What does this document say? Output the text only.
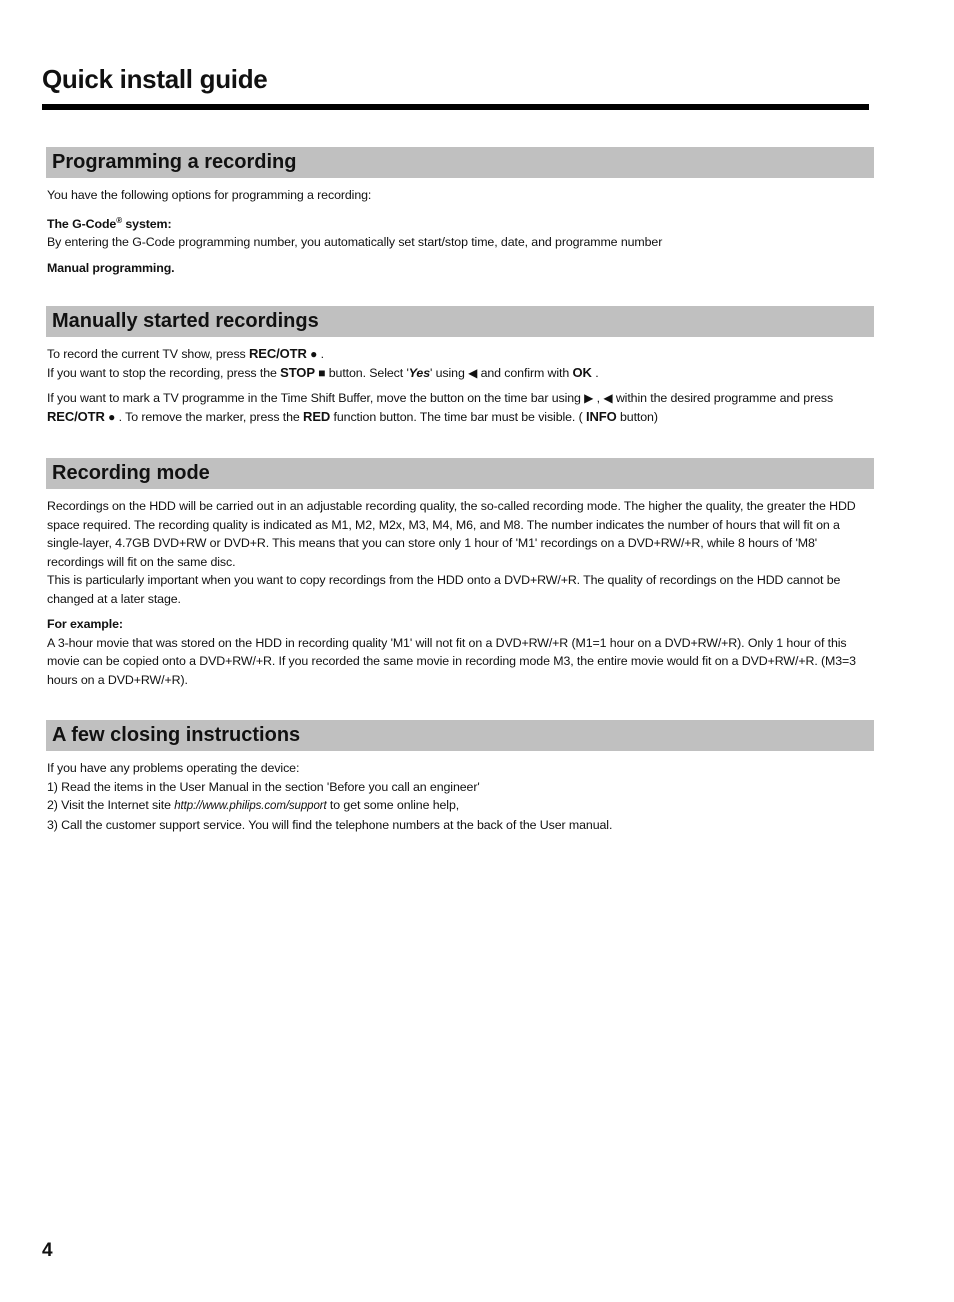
Quick install guide
Programming a recording

You have the following options for programming a recording:

The G-Code® system:

By entering the G-Code programming number, you automatically set start/stop time, date, and programme number

Manual programming.

Manually started recordings

To record the current TV show, press REC/OTR ● .

If you want to stop the recording, press the STOP ■ button. Select 'Yes' using ◀ and confirm with OK .

If you want to mark a TV programme in the Time Shift Buffer, move the button on the time bar using ▶ , ◀ within the desired programme and press REC/OTR ● . To remove the marker, press the RED function button. The time bar must be visible. ( INFO button)

Recording mode

Recordings on the HDD will be carried out in an adjustable recording quality, the so-called recording mode. The higher the quality, the greater the HDD space required. The recording quality is indicated as M1, M2, M2x, M3, M4, M6, and M8. The number indicates the number of hours that will fit on a single-layer, 4.7GB DVD+RW or DVD+R. This means that you can store only 1 hour of 'M1' recordings on a DVD+RW/+R, while 8 hours of 'M8' recordings will fit on the same disc.

This is particularly important when you want to copy recordings from the HDD onto a DVD+RW/+R. The quality of recordings on the HDD cannot be changed at a later stage.

For example:

A 3-hour movie that was stored on the HDD in recording quality 'M1' will not fit on a DVD+RW/+R (M1=1 hour on a DVD+RW/+R). Only 1 hour of this movie can be copied onto a DVD+RW/+R. If you recorded the same movie in recording mode M3, the entire movie would fit on a DVD+RW/+R. (M3=3 hours on a DVD+RW/+R).

A few closing instructions

If you have any problems operating the device:

1) Read the items in the User Manual in the section 'Before you call an engineer'

2) Visit the Internet site http://www.philips.com/support to get some online help,

3) Call the customer support service. You will find the telephone numbers at the back of the User manual.

4
